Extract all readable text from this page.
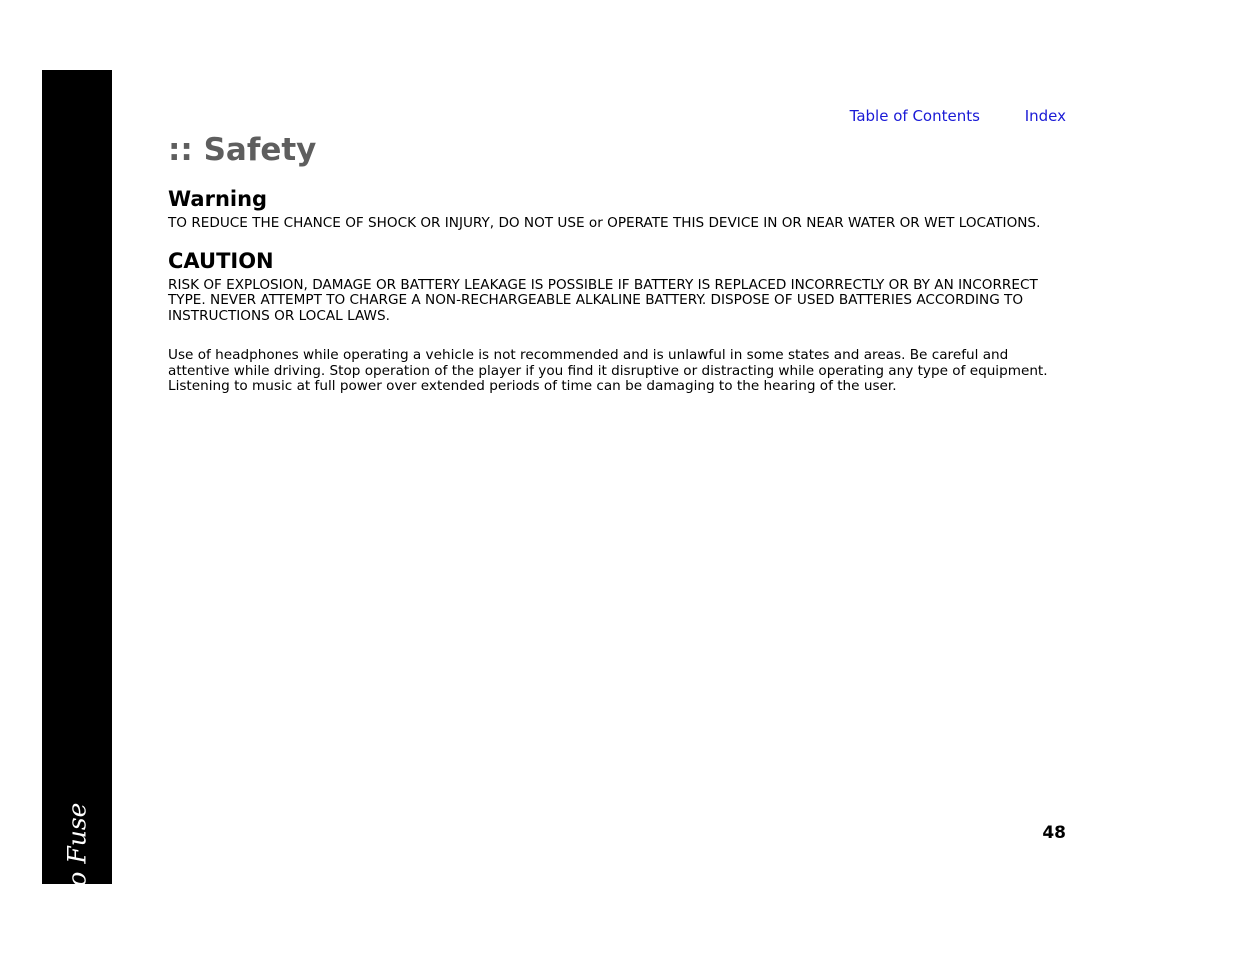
Rio Fuse
Table of Contents	Index
:: Safety
Warning

TO REDUCE THE CHANCE OF SHOCK OR INJURY, DO NOT USE or OPERATE THIS DEVICE IN OR NEAR WATER OR WET LOCATIONS.

CAUTION

RISK OF EXPLOSION, DAMAGE OR BATTERY LEAKAGE IS POSSIBLE IF BATTERY IS REPLACED INCORRECTLY OR BY AN INCORRECT TYPE. NEVER ATTEMPT TO CHARGE A NON-RECHARGEABLE ALKALINE BATTERY. DISPOSE OF USED BATTERIES ACCORDING TO INSTRUCTIONS OR LOCAL LAWS.

Use of headphones while operating a vehicle is not recommended and is unlawful in some states and areas. Be careful and attentive while driving. Stop operation of the player if you find it disruptive or distracting while operating any type of equipment. Listening to music at full power over extended periods of time can be damaging to the hearing of the user.

48
